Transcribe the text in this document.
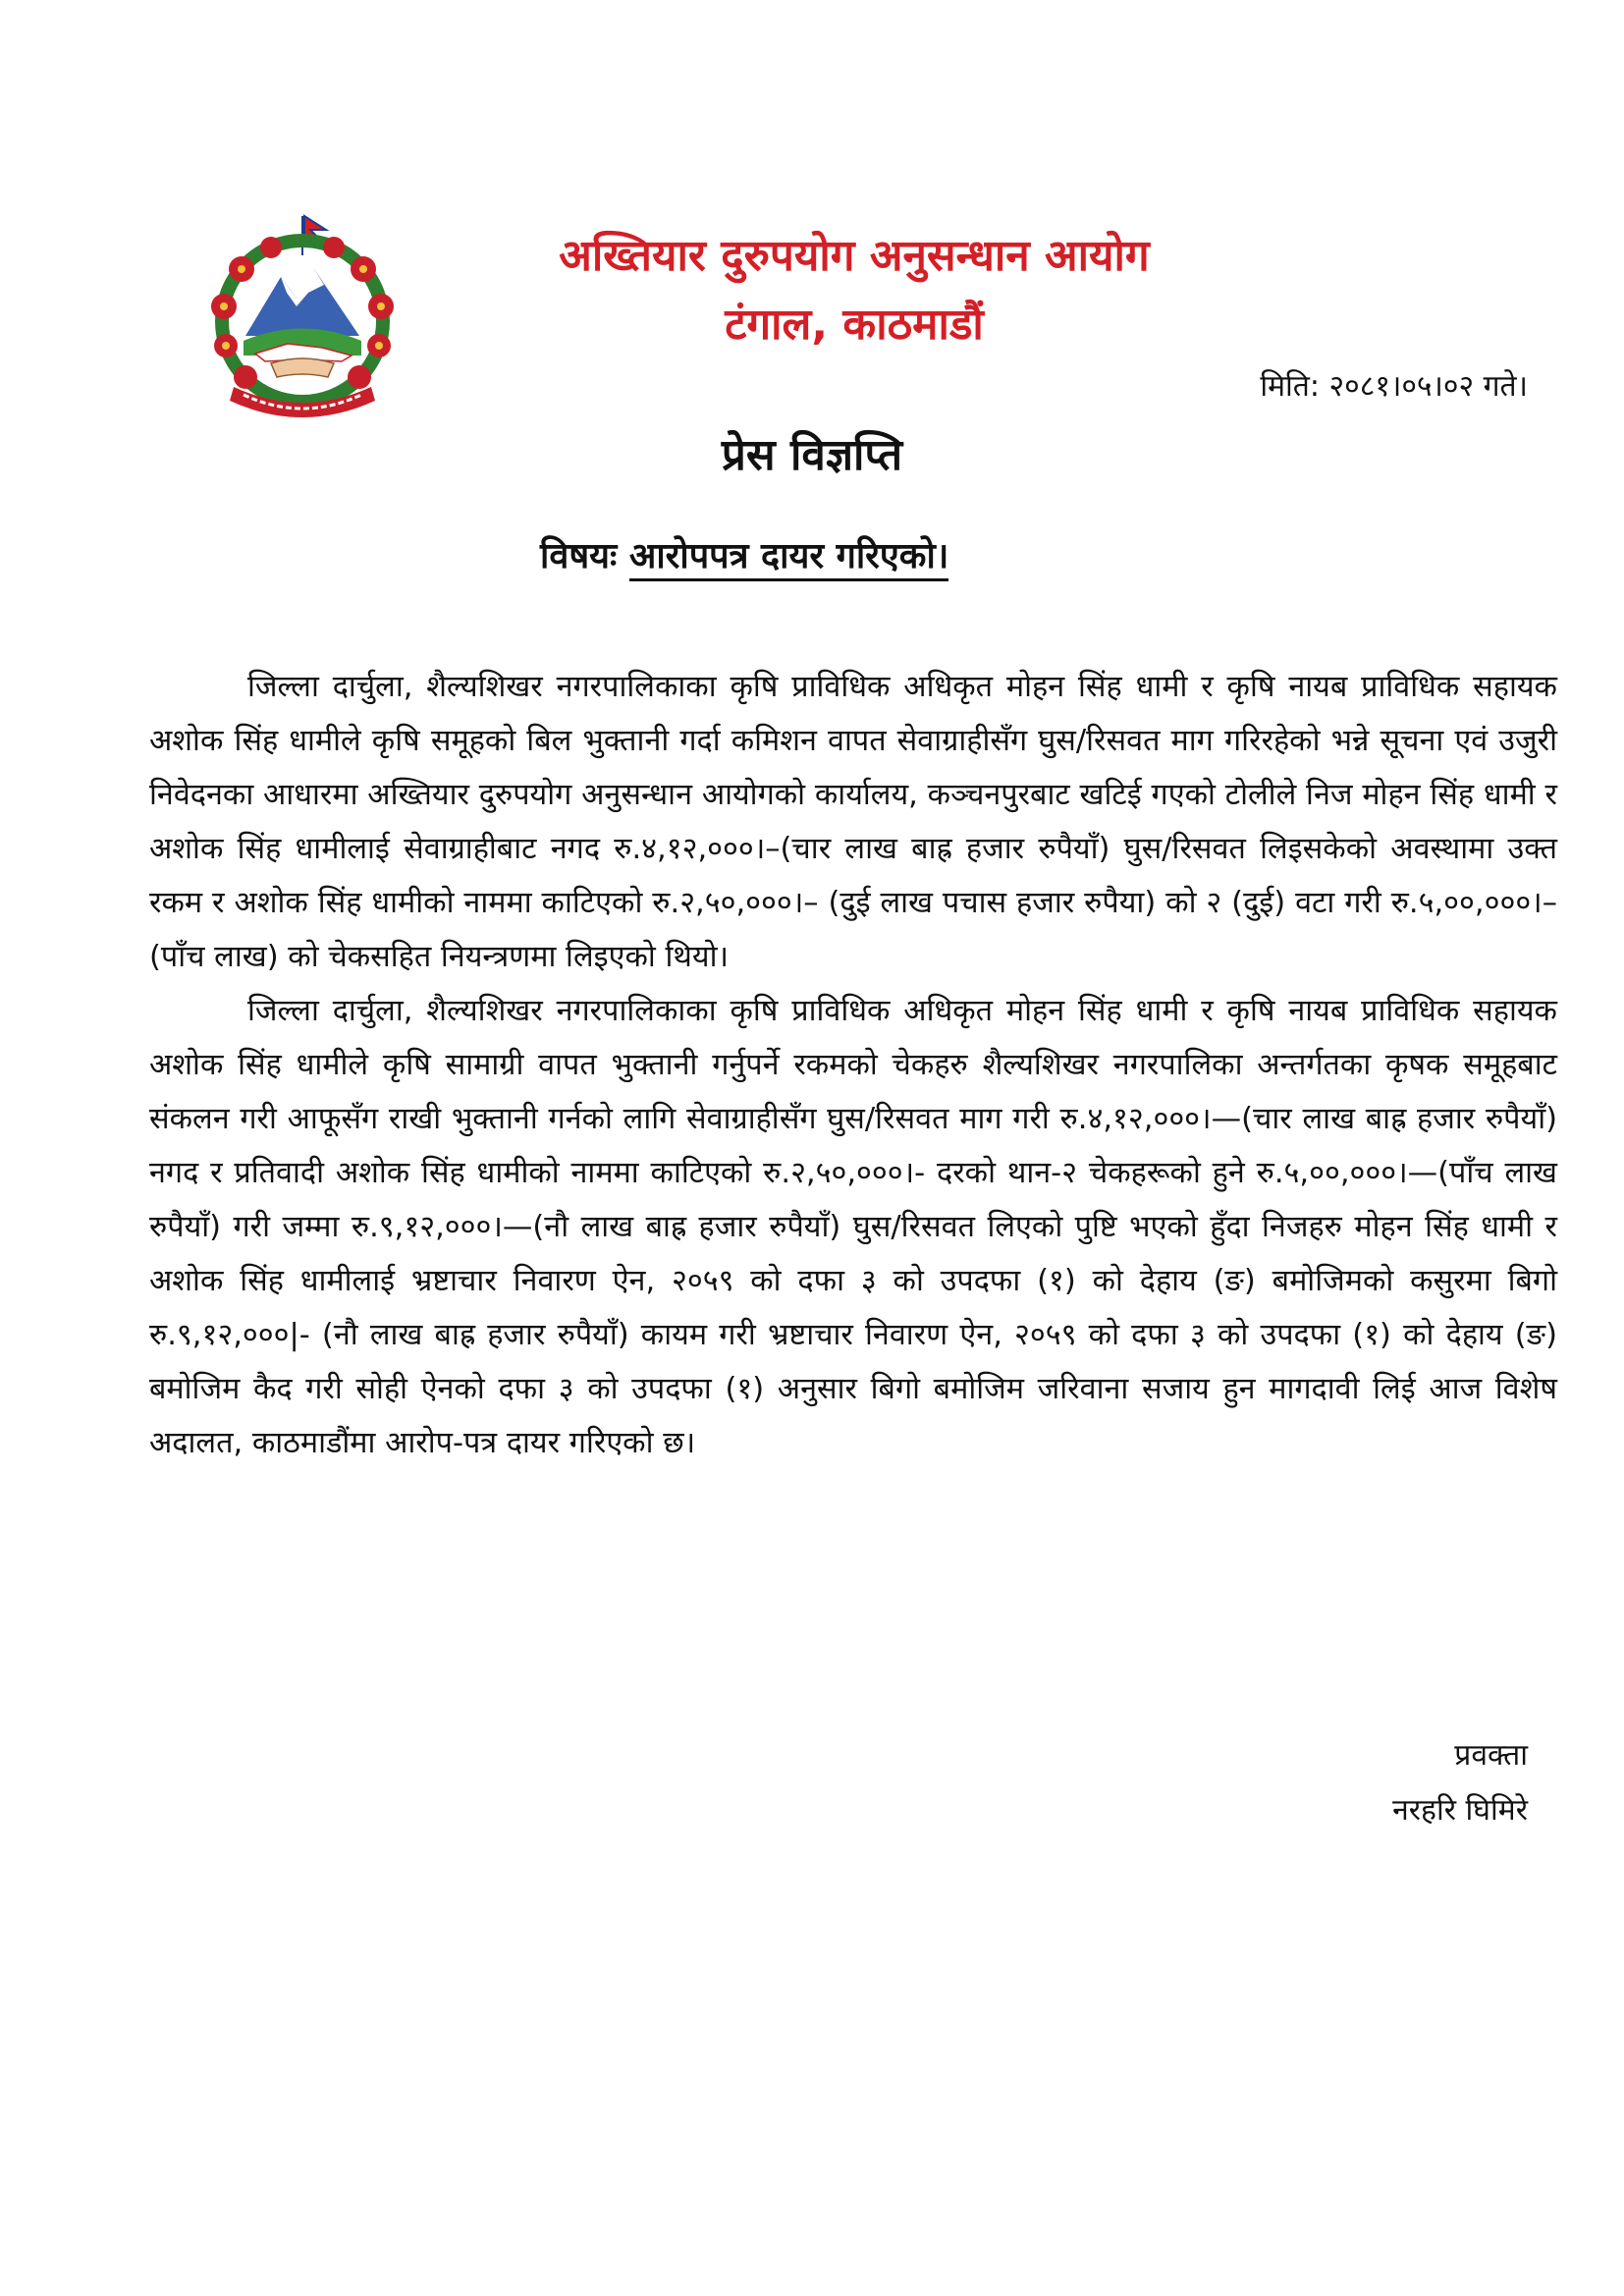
अख्तियार दुरुपयोग अनुसन्धान आयोग
टंगाल, काठमाडौं
मिति: २०८१।०५।०२ गते।
प्रेस विज्ञप्ति
विषयः आरोपपत्र दायर गरिएको।

जिल्ला दार्चुला, शैल्यशिखर नगरपालिकाका कृषि प्राविधिक अधिकृत मोहन सिंह धामी र कृषि नायब प्राविधिक सहायक अशोक सिंह धामीले कृषि समूहको बिल भुक्तानी गर्दा कमिशन वापत सेवाग्राहीसँग घुस/रिसवत माग गरिरहेको भन्ने सूचना एवं उजुरी निवेदनका आधारमा अख्तियार दुरुपयोग अनुसन्धान आयोगको कार्यालय, कञ्चनपुरबाट खटिई गएको टोलीले निज मोहन सिंह धामी र अशोक सिंह धामीलाई सेवाग्राहीबाट नगद रु.४,१२,०००।–(चार लाख बाह्र हजार रुपैयाँ) घुस/रिसवत लिइसकेको अवस्थामा उक्त रकम र अशोक सिंह धामीको नाममा काटिएको रु.२,५०,०००।– (दुई लाख पचास हजार रुपैया) को २ (दुई) वटा गरी रु.५,००,०००।– (पाँच लाख) को चेकसहित नियन्त्रणमा लिइएको थियो।

जिल्ला दार्चुला, शैल्यशिखर नगरपालिकाका कृषि प्राविधिक अधिकृत मोहन सिंह धामी र कृषि नायब प्राविधिक सहायक अशोक सिंह धामीले कृषि सामाग्री वापत भुक्तानी गर्नुपर्ने रकमको चेकहरु शैल्यशिखर नगरपालिका अन्तर्गतका कृषक समूहबाट संकलन गरी आफूसँग राखी भुक्तानी गर्नको लागि सेवाग्राहीसँग घुस/रिसवत माग गरी रु.४,१२,०००।—(चार लाख बाह्र हजार रुपैयाँ) नगद र प्रतिवादी अशोक सिंह धामीको नाममा काटिएको रु.२,५०,०००।- दरको थान-२ चेकहरूको हुने रु.५,००,०००।—(पाँच लाख रुपैयाँ) गरी जम्मा रु.९,१२,०००।—(नौ लाख बाह्र हजार रुपैयाँ) घुस/रिसवत लिएको पुष्टि भएको हुँदा निजहरु मोहन सिंह धामी र अशोक सिंह धामीलाई भ्रष्टाचार निवारण ऐन, २०५९ को दफा ३ को उपदफा (१) को देहाय (ङ) बमोजिमको कसुरमा बिगो रु.९,१२,०००|- (नौ लाख बाह्र हजार रुपैयाँ) कायम गरी भ्रष्टाचार निवारण ऐन, २०५९ को दफा ३ को उपदफा (१) को देहाय (ङ) बमोजिम कैद गरी सोही ऐनको दफा ३ को उपदफा (१) अनुसार बिगो बमोजिम जरिवाना सजाय हुन मागदावी लिई आज विशेष अदालत, काठमाडौंमा आरोप-पत्र दायर गरिएको छ।

प्रवक्ता
नरहरि घिमिरे
